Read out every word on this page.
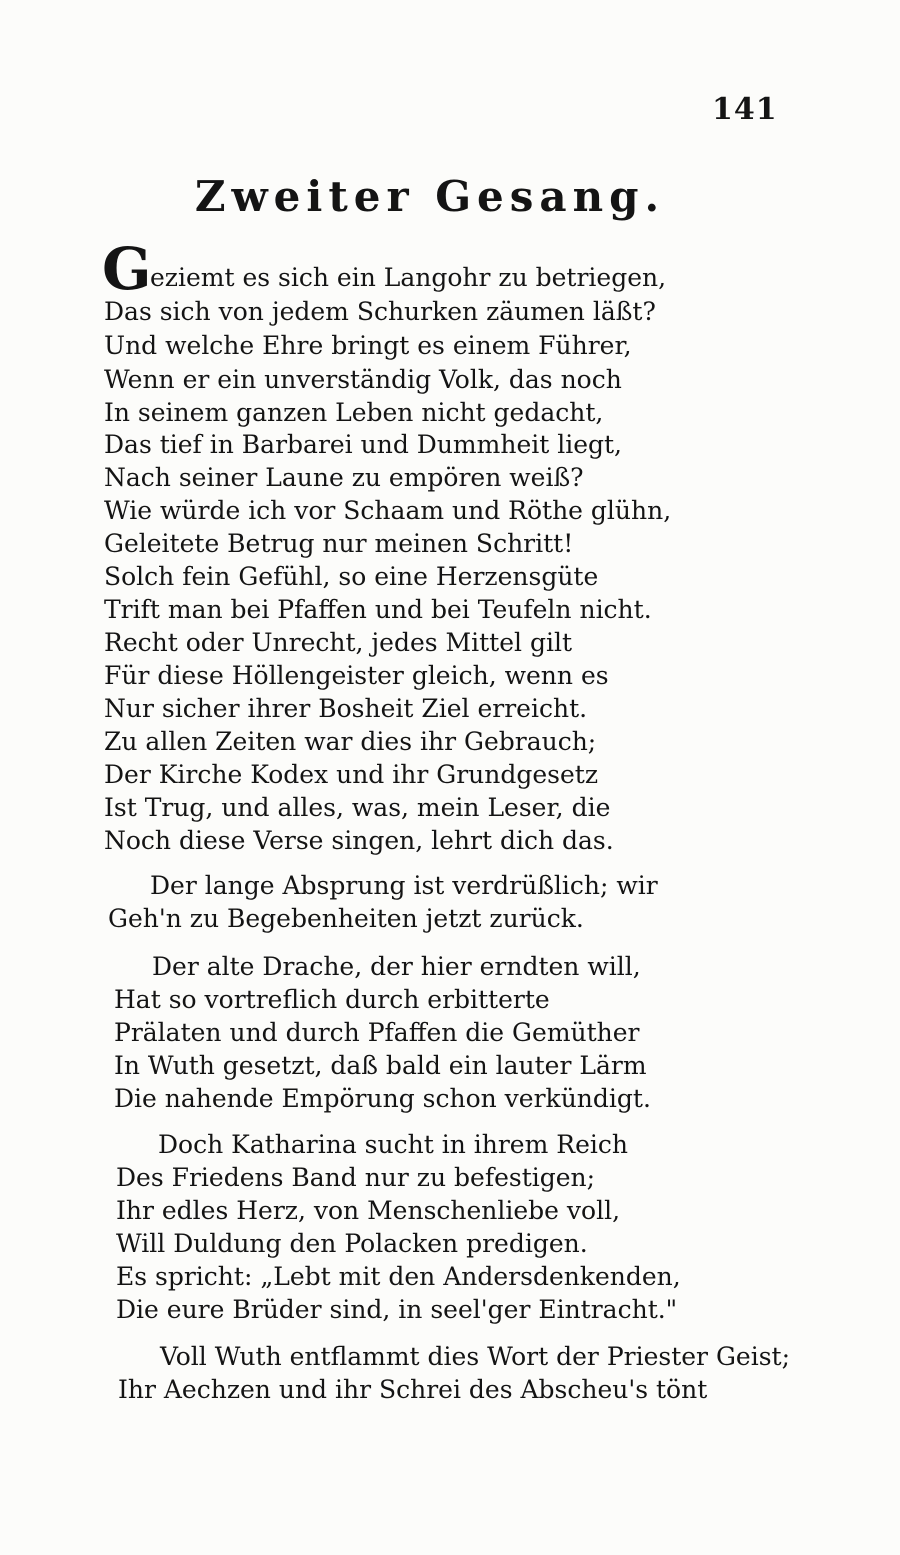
141
Zweiter Gesang.
G
eziemt es sich ein Langohr zu betriegen,
Das sich von jedem Schurken zäumen läßt?
Und welche Ehre bringt es einem Führer,
Wenn er ein unverständig Volk, das noch
In seinem ganzen Leben nicht gedacht,
Das tief in Barbarei und Dummheit liegt,
Nach seiner Laune zu empören weiß?
Wie würde ich vor Schaam und Röthe glühn,
Geleitete Betrug nur meinen Schritt!
Solch fein Gefühl, so eine Herzensgüte
Trift man bei Pfaffen und bei Teufeln nicht.
Recht oder Unrecht, jedes Mittel gilt
Für diese Höllengeister gleich, wenn es
Nur sicher ihrer Bosheit Ziel erreicht.
Zu allen Zeiten war dies ihr Gebrauch;
Der Kirche Kodex und ihr Grundgesetz
Ist Trug, und alles, was, mein Leser, die
Noch diese Verse singen, lehrt dich das.
Der lange Absprung ist verdrüßlich; wir
Geh'n zu Begebenheiten jetzt zurück.
Der alte Drache, der hier erndten will,
Hat so vortreflich durch erbitterte
Prälaten und durch Pfaffen die Gemüther
In Wuth gesetzt, daß bald ein lauter Lärm
Die nahende Empörung schon verkündigt.
Doch Katharina sucht in ihrem Reich
Des Friedens Band nur zu befestigen;
Ihr edles Herz, von Menschenliebe voll,
Will Duldung den Polacken predigen.
Es spricht: „Lebt mit den Andersdenkenden,
Die eure Brüder sind, in seel'ger Eintracht."
Voll Wuth entflammt dies Wort der Priester Geist;
Ihr Aechzen und ihr Schrei des Abscheu's tönt
